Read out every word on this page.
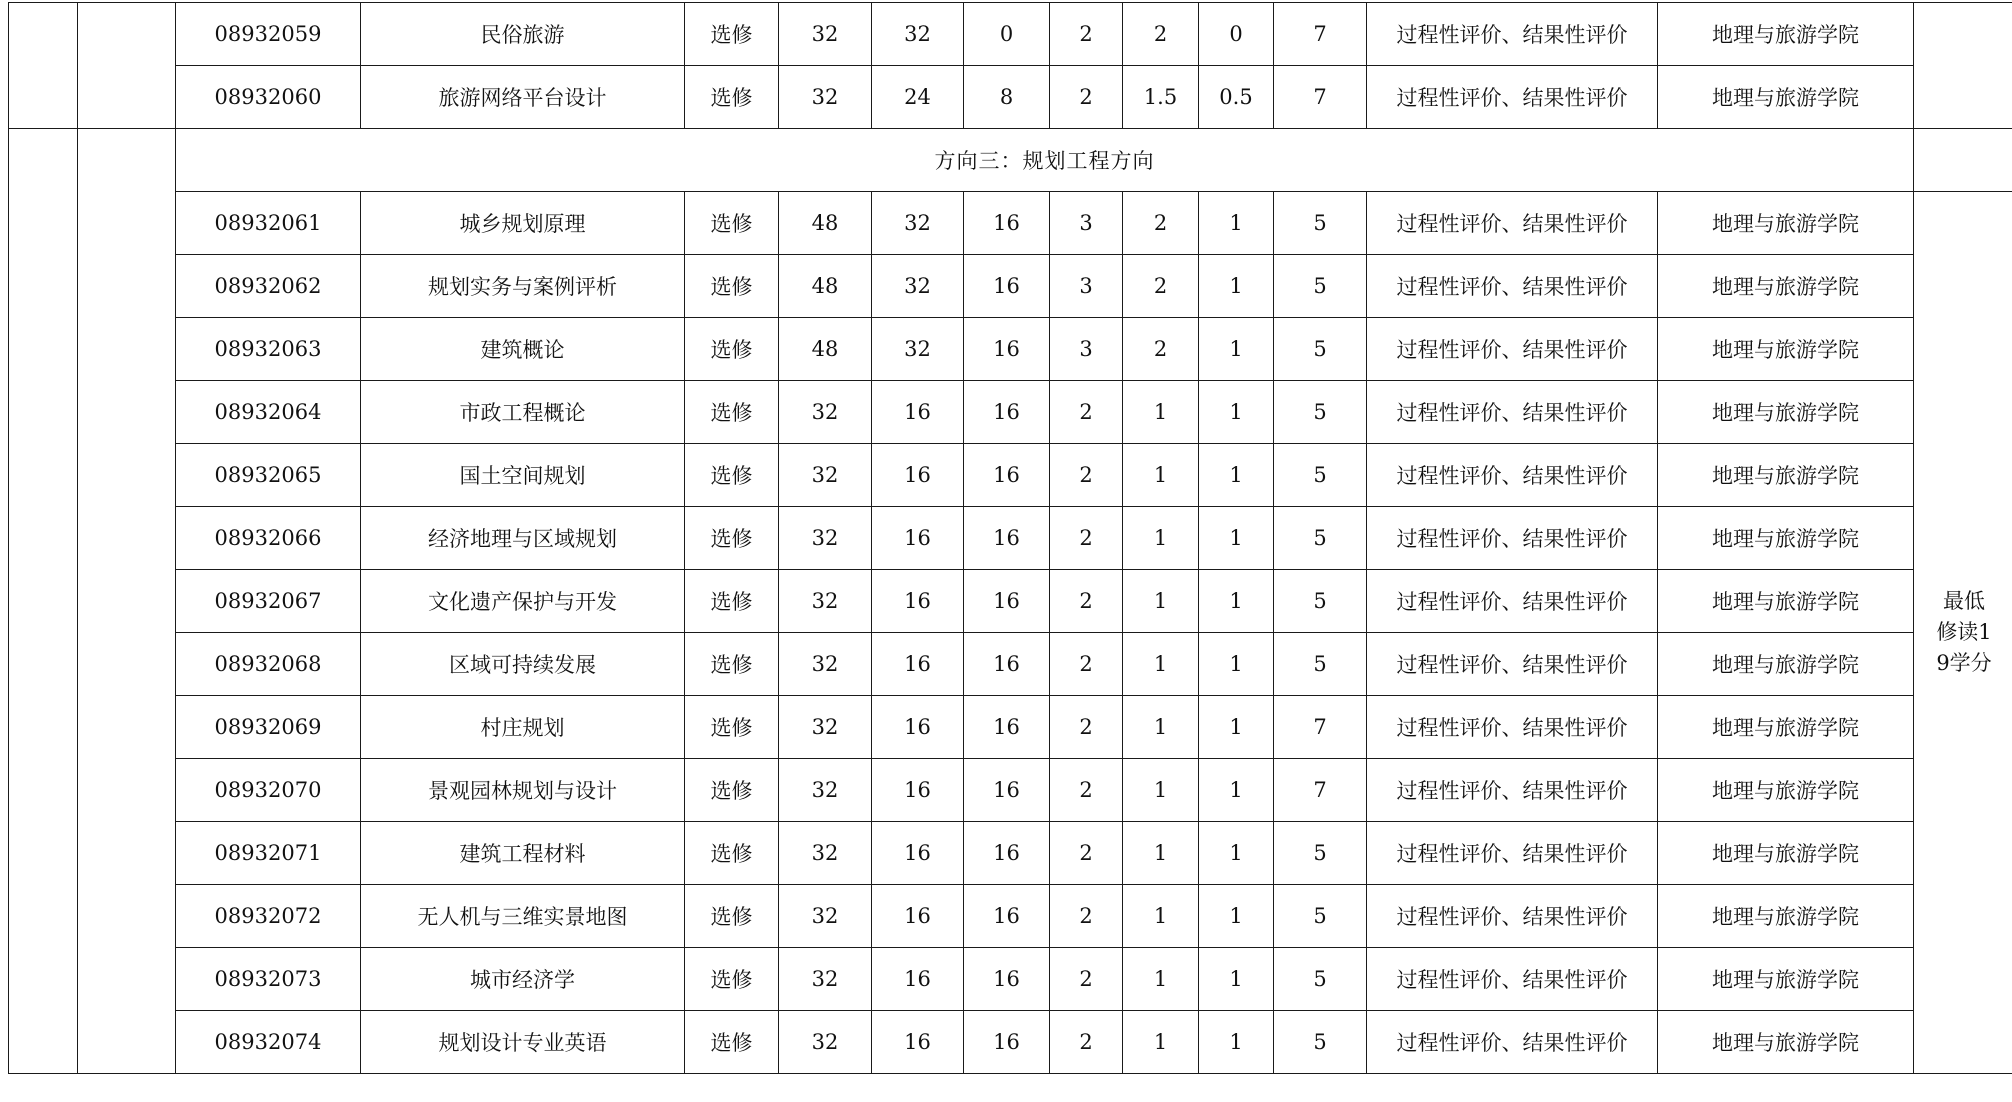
		08932059	民俗旅游	选修	32	32	0	2	2	0	7	过程性评价、结果性评价	地理与旅游学院	
		08932060	旅游网络平台设计	选修	32	24	8	2	1.5	0.5	7	过程性评价、结果性评价	地理与旅游学院	
		方向三：规划工程方向												
		08932061	城乡规划原理	选修	48	32	16	3	2	1	5	过程性评价、结果性评价	地理与旅游学院	最低修读19学分
		08932062	规划实务与案例评析	选修	48	32	16	3	2	1	5	过程性评价、结果性评价	地理与旅游学院	
		08932063	建筑概论	选修	48	32	16	3	2	1	5	过程性评价、结果性评价	地理与旅游学院	
		08932064	市政工程概论	选修	32	16	16	2	1	1	5	过程性评价、结果性评价	地理与旅游学院	
		08932065	国土空间规划	选修	32	16	16	2	1	1	5	过程性评价、结果性评价	地理与旅游学院	
		08932066	经济地理与区域规划	选修	32	16	16	2	1	1	5	过程性评价、结果性评价	地理与旅游学院	
		08932067	文化遗产保护与开发	选修	32	16	16	2	1	1	5	过程性评价、结果性评价	地理与旅游学院	
		08932068	区域可持续发展	选修	32	16	16	2	1	1	5	过程性评价、结果性评价	地理与旅游学院	
		08932069	村庄规划	选修	32	16	16	2	1	1	7	过程性评价、结果性评价	地理与旅游学院	
		08932070	景观园林规划与设计	选修	32	16	16	2	1	1	7	过程性评价、结果性评价	地理与旅游学院	
		08932071	建筑工程材料	选修	32	16	16	2	1	1	5	过程性评价、结果性评价	地理与旅游学院	
		08932072	无人机与三维实景地图	选修	32	16	16	2	1	1	5	过程性评价、结果性评价	地理与旅游学院	
		08932073	城市经济学	选修	32	16	16	2	1	1	5	过程性评价、结果性评价	地理与旅游学院	
		08932074	规划设计专业英语	选修	32	16	16	2	1	1	5	过程性评价、结果性评价	地理与旅游学院	
